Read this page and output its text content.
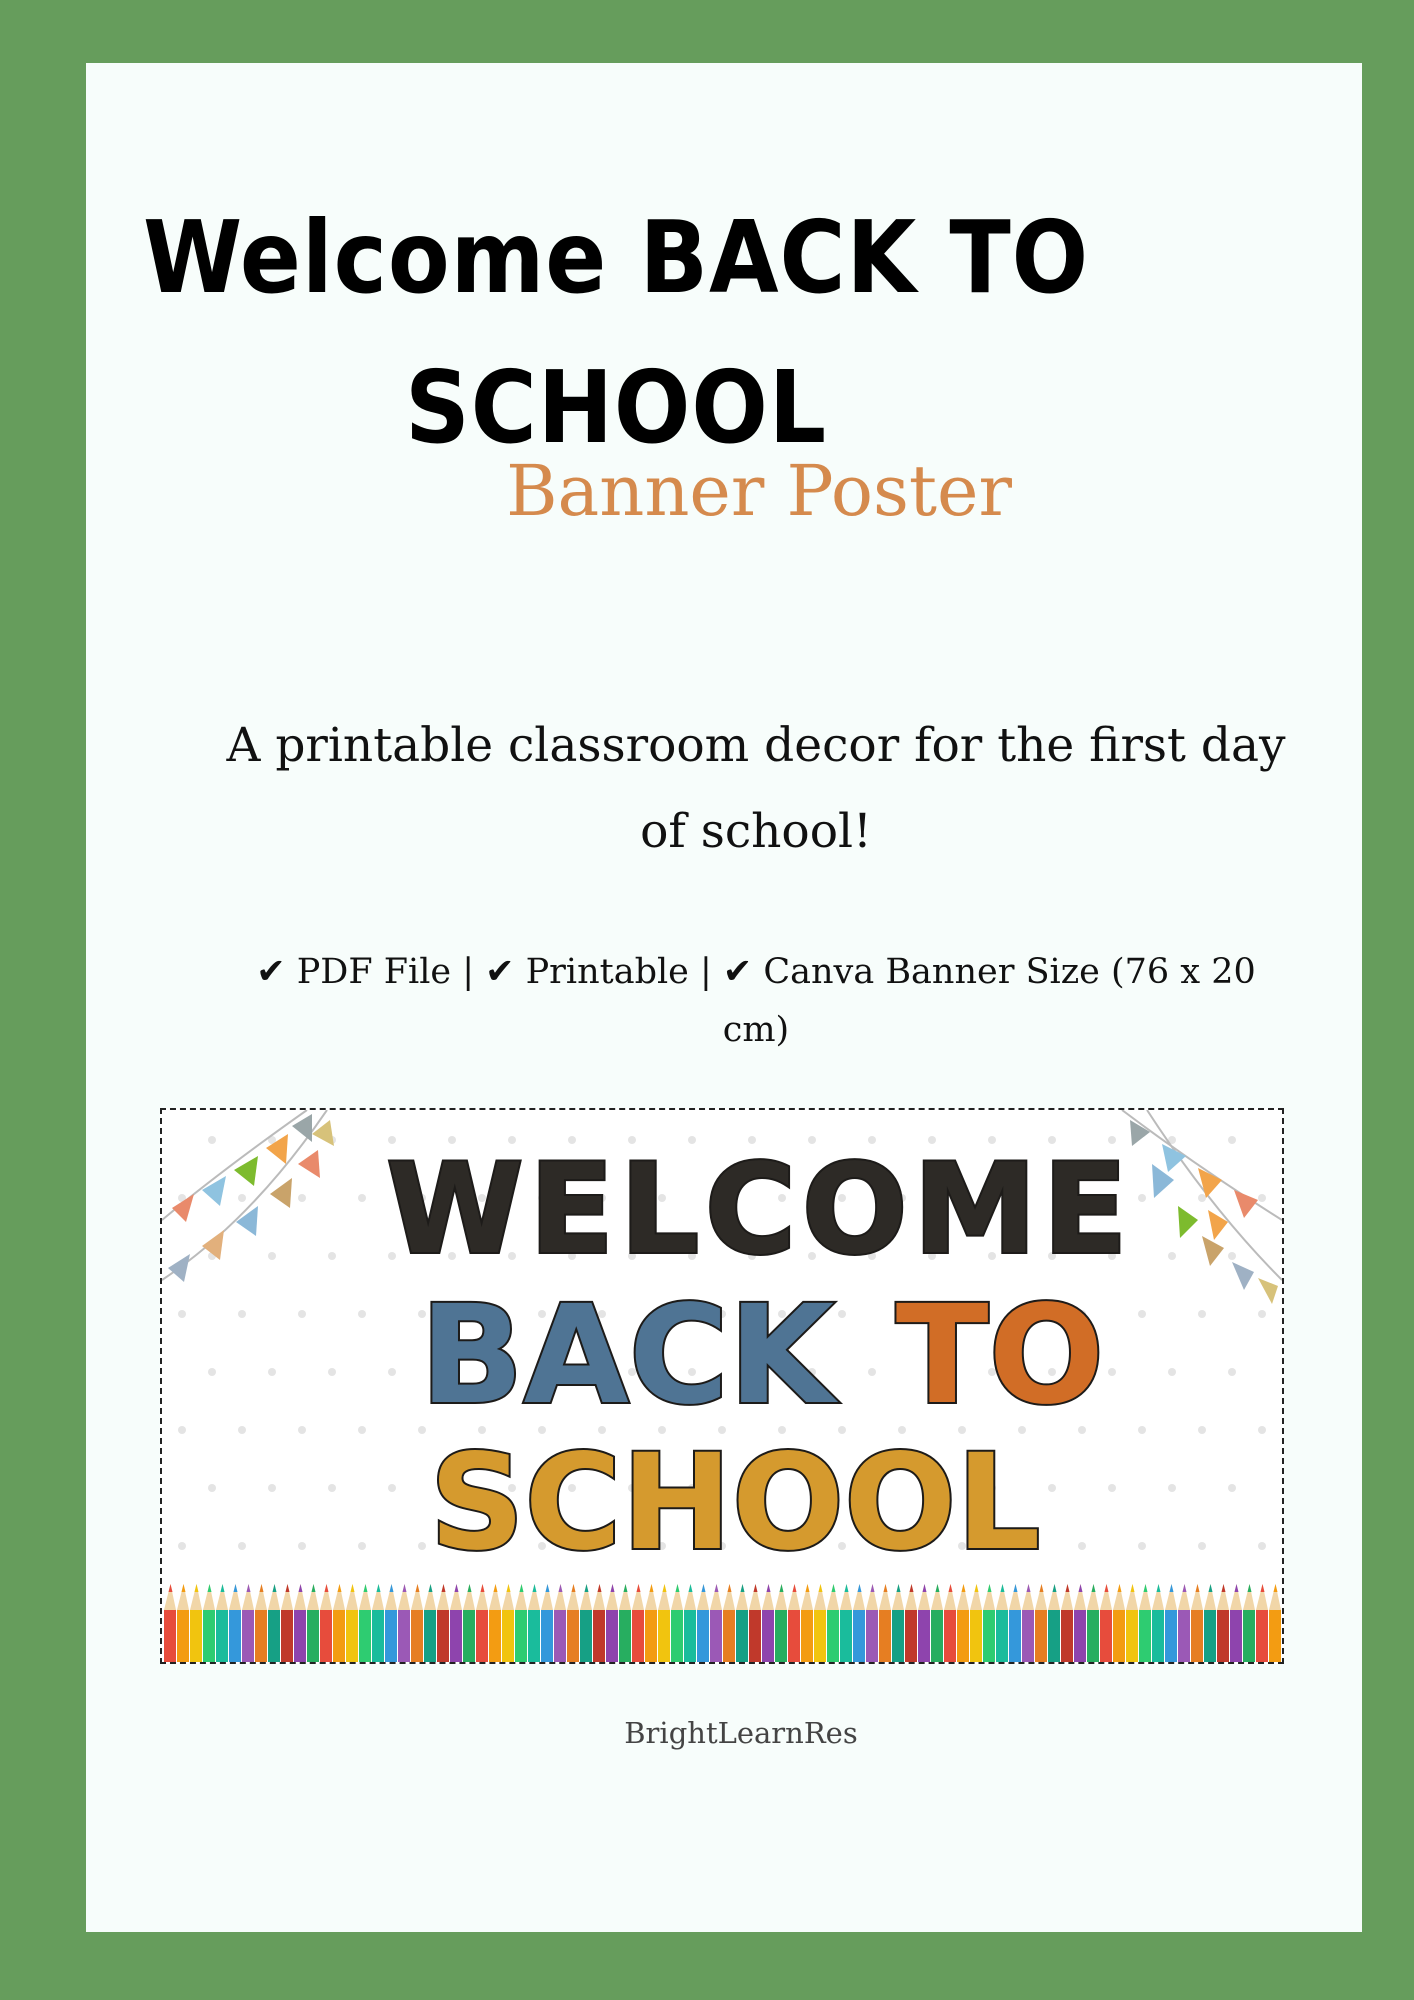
Welcome BACK TO SCHOOL
Banner Poster
A printable classroom decor for the first day of school!
✔ PDF File | ✔ Printable | ✔ Canva Banner Size (76 x 20 cm)
WELCOME
BACK TO
SCHOOL
BrightLearnRes
